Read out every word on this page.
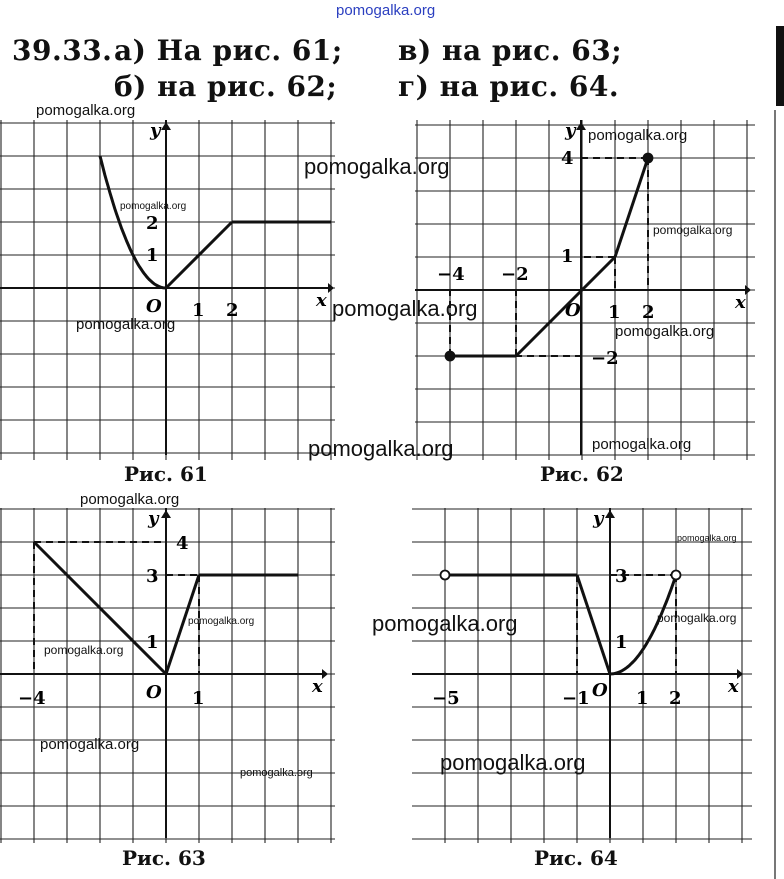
pomogalka.org
39.33. а) На рис. 61;
б) на рис. 62;
в) на рис. 63;
г) на рис. 64.
x
y
O 1 2
1
2
x
y
O
−4 −2
1 2
4
1
−2
x
y
O
−4	1
4
3
1
x
y
O
−5	−1	1 2
3
1
Рис. 61	Рис. 62
Рис. 63	Рис. 64
pomogalka.org
pomogalka.org
pomogalka.org
pomogalka.org
pomogalka.org
pomogalka.org
pomogalka.org
pomogalka.org
pomogalka.org	pomogalka.org
pomogalka.org
pomogalka.org
pomogalka.org
pomogalka.org
pomogalka.org
pomogalka.org
pomogalka.org
pomogalka.org
pomogalka.org
